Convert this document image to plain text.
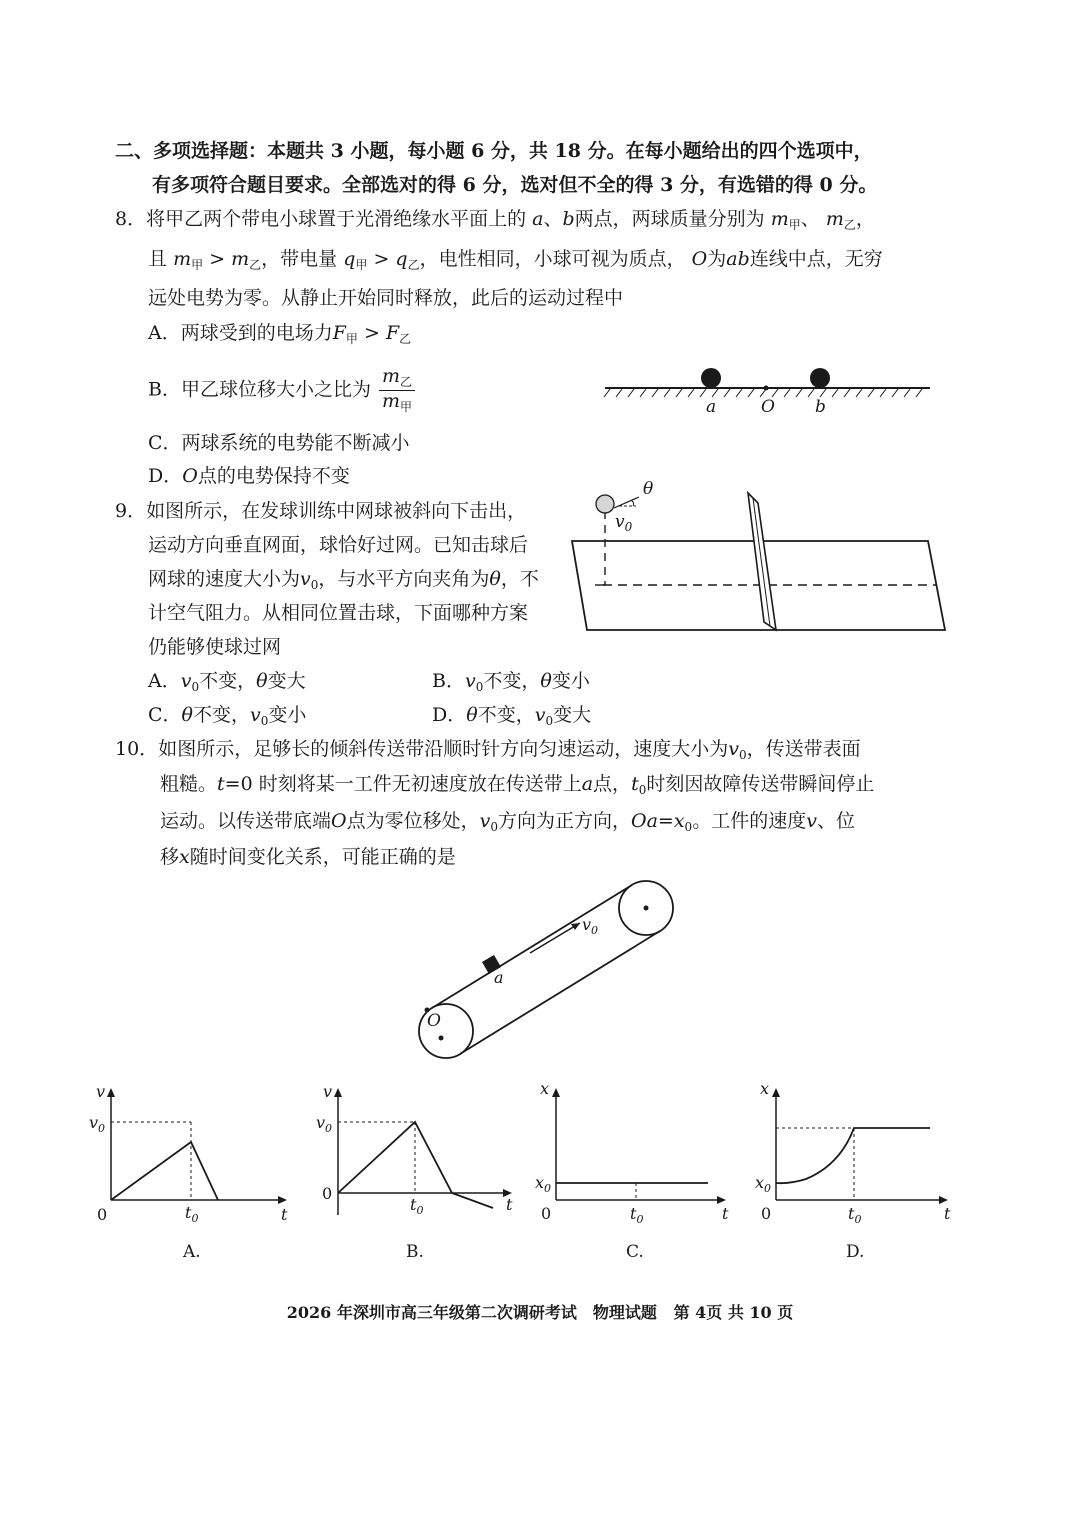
二、多项选择题：本题共 3 小题，每小题 6 分，共 18 分。在每小题给出的四个选项中，
有多项符合题目要求。全部选对的得 6 分，选对但不全的得 3 分，有选错的得 0 分。
8．将甲乙两个带电小球置于光滑绝缘水平面上的 a、b两点，两球质量分别为 $m_甲$、 $m_乙$，
且 $m_甲 > m_乙$，带电量 $q_甲 > q_乙$，电性相同，小球可视为质点， O为ab连线中点，无穷
远处电势为零。从静止开始同时释放，此后的运动过程中
A．两球受到的电场力$F_甲 > F_乙$
B．甲乙球位移大小之比为 $\frac{m_乙}{m_甲}$
C．两球系统的电势能不断减小
D．O点的电势保持不变
a	O b
9．如图所示，在发球训练中网球被斜向下击出，
运动方向垂直网面，球恰好过网。已知击球后
网球的速度大小为$v_0$，与水平方向夹角为θ，不
计空气阻力。从相同位置击球，下面哪种方案
仍能够使球过网
A．$v_0$不变，θ变大	B．$v_0$不变，θ变小
C．θ不变，$v_0$变小	D．θ不变，$v_0$变大
θ
$v_0$
10．如图所示，足够长的倾斜传送带沿顺时针方向匀速运动，速度大小为$v_0$，传送带表面
粗糙。t=0 时刻将某一工件无初速度放在传送带上a点，$t_0$时刻因故障传送带瞬间停止
运动。以传送带底端O点为零位移处，$v_0$方向为正方向，$Oa=x_0$。工件的速度v、位
移x随时间变化关系，可能正确的是
$v_0$
a
O
v
t
0
$v_0$
$t_0$
A.
v
t
0
$v_0$
$t_0$
B.
x
t
0
$x_0$
$t_0$
C.
x
t
0
$x_0$
$t_0$
D.
2026 年深圳市高三年级第二次调研考试　物理试题 第 4页 共 10 页
